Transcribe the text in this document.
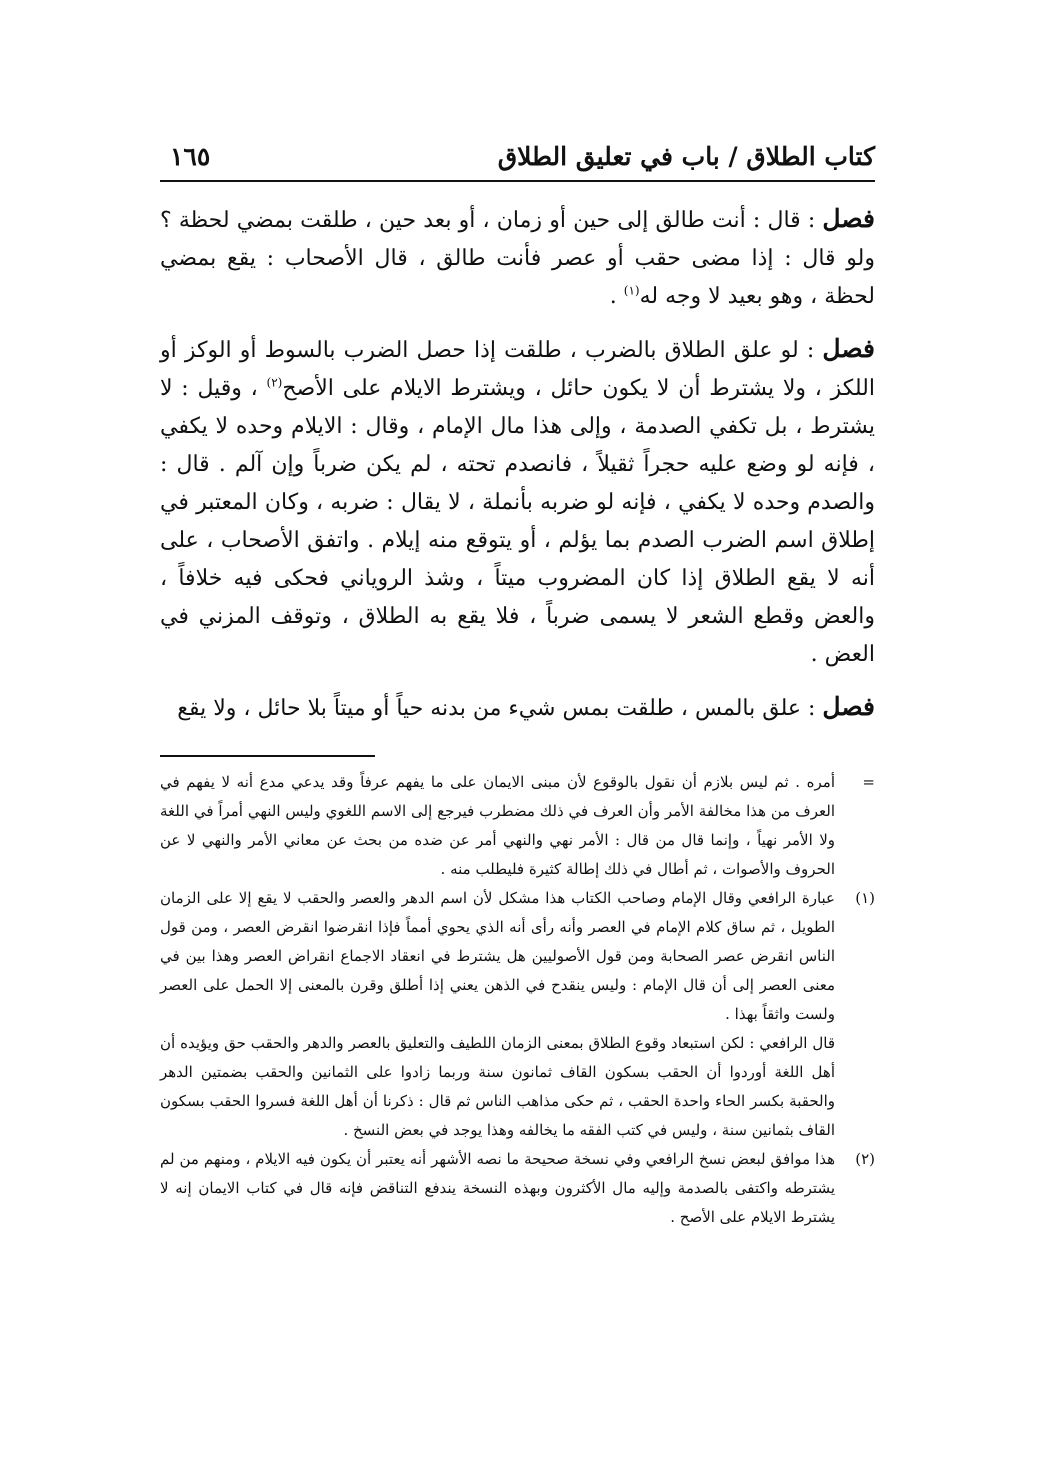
كتاب الطلاق / باب في تعليق الطلاق
١٦٥

فصل : قال : أنت طالق إلى حين أو زمان ، أو بعد حين ، طلقت بمضي لحظة ؟ ولو قال : إذا مضى حقب أو عصر فأنت طالق ، قال الأصحاب : يقع بمضي لحظة ، وهو بعيد لا وجه له$^{(١)}$ .

فصل : لو علق الطلاق بالضرب ، طلقت إذا حصل الضرب بالسوط أو الوكز أو اللكز ، ولا يشترط أن لا يكون حائل ، ويشترط الايلام على الأصح$^{(٢)}$ ، وقيل : لا يشترط ، بل تكفي الصدمة ، وإلى هذا مال الإمام ، وقال : الايلام وحده لا يكفي ، فإنه لو وضع عليه حجراً ثقيلاً ، فانصدم تحته ، لم يكن ضرباً وإن آلم . قال : والصدم وحده لا يكفي ، فإنه لو ضربه بأنملة ، لا يقال : ضربه ، وكان المعتبر في إطلاق اسم الضرب الصدم بما يؤلم ، أو يتوقع منه إيلام . واتفق الأصحاب ، على أنه لا يقع الطلاق إذا كان المضروب ميتاً ، وشذ الروياني فحكى فيه خلافاً ، والعض وقطع الشعر لا يسمى ضرباً ، فلا يقع به الطلاق ، وتوقف المزني في العض .

فصل : علق بالمس ، طلقت بمس شيء من بدنه حياً أو ميتاً بلا حائل ، ولا يقع

=
أمره . ثم ليس بلازم أن نقول بالوقوع لأن مبنى الايمان على ما يفهم عرفاً وقد يدعي مدع أنه لا يفهم في العرف من هذا مخالفة الأمر وأن العرف في ذلك مضطرب فيرجع إلى الاسم اللغوي وليس النهي أمراً في اللغة ولا الأمر نهياً ، وإنما قال من قال : الأمر نهي والنهي أمر عن ضده من بحث عن معاني الأمر والنهي لا عن الحروف والأصوات ، ثم أطال في ذلك إطالة كثيرة فليطلب منه .

(١)
عبارة الرافعي وقال الإمام وصاحب الكتاب هذا مشكل لأن اسم الدهر والعصر والحقب لا يقع إلا على الزمان الطويل ، ثم ساق كلام الإمام في العصر وأنه رأى أنه الذي يحوي أمماً فإذا انقرضوا انقرض العصر ، ومن قول الناس انقرض عصر الصحابة ومن قول الأصوليين هل يشترط في انعقاد الاجماع انقراض العصر وهذا بين في معنى العصر إلى أن قال الإمام : وليس ينقدح في الذهن يعني إذا أطلق وقرن بالمعنى إلا الحمل على العصر ولست واثقاً بهذا .

قال الرافعي : لكن استبعاد وقوع الطلاق بمعنى الزمان اللطيف والتعليق بالعصر والدهر والحقب حق ويؤيده أن أهل اللغة أوردوا أن الحقب بسكون القاف ثمانون سنة وربما زادوا على الثمانين والحقب بضمتين الدهر والحقبة بكسر الحاء واحدة الحقب ، ثم حكى مذاهب الناس ثم قال : ذكرنا أن أهل اللغة فسروا الحقب بسكون القاف بثمانين سنة ، وليس في كتب الفقه ما يخالفه وهذا يوجد في بعض النسخ .

(٢)
هذا موافق لبعض نسخ الرافعي وفي نسخة صحيحة ما نصه الأشهر أنه يعتبر أن يكون فيه الايلام ، ومنهم من لم يشترطه واكتفى بالصدمة وإليه مال الأكثرون وبهذه النسخة يندفع التناقض فإنه قال في كتاب الايمان إنه لا يشترط الايلام على الأصح .
